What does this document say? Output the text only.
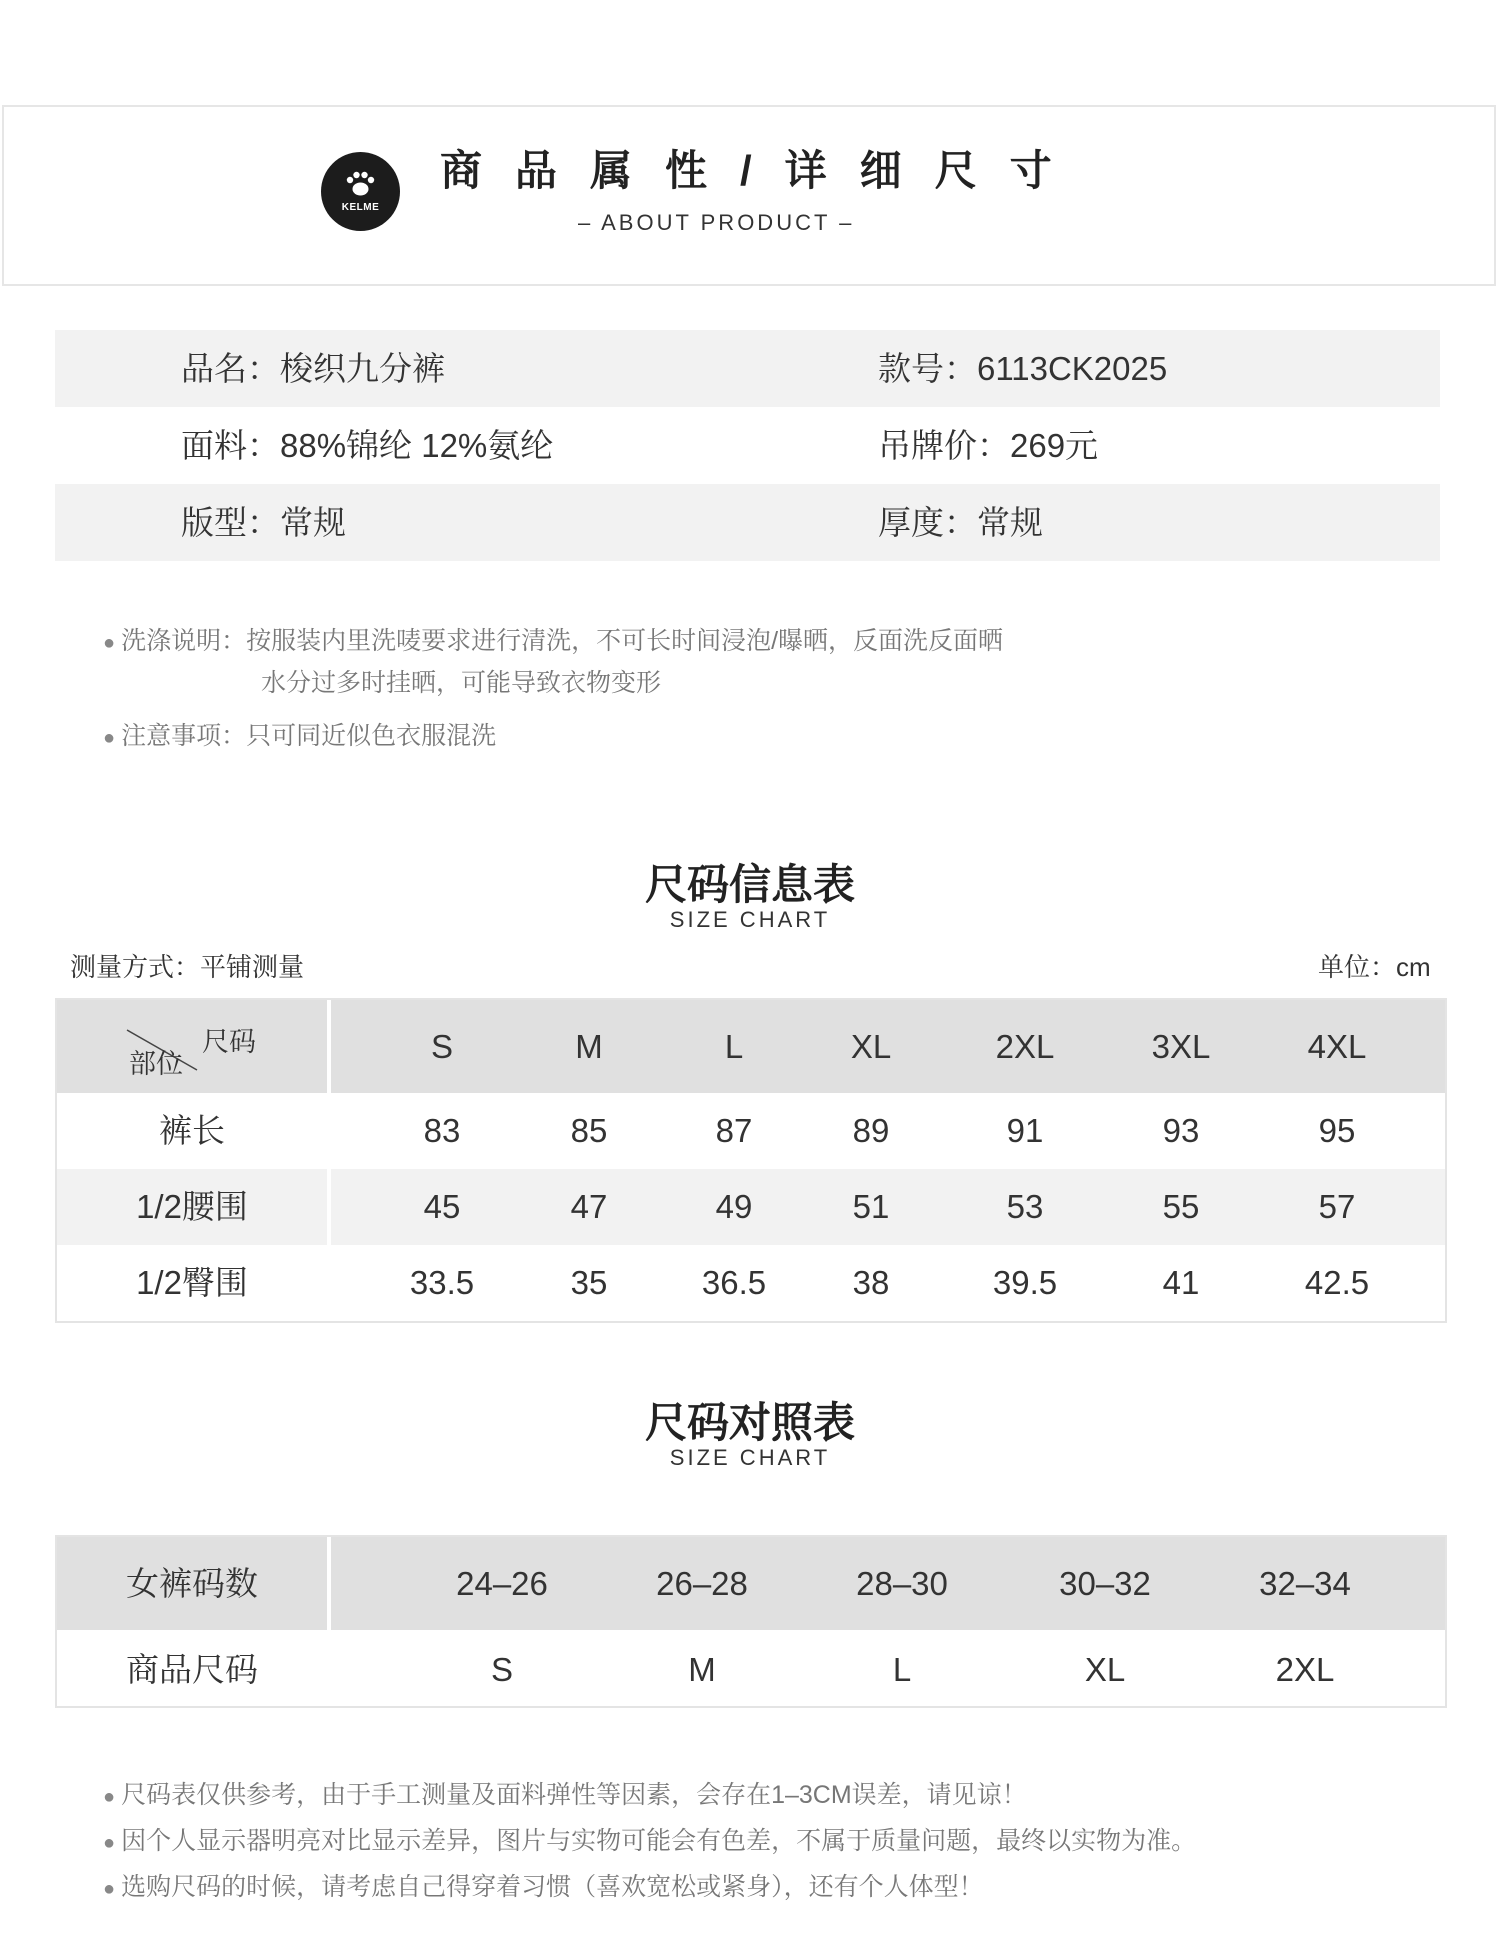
KELME
商品属性/详细尺寸
– ABOUT PRODUCT –
品名：梭织九分裤	款号：6113CK2025
面料：88%锦纶 12%氨纶	吊牌价：269元
版型：常规	厚度：常规
● 洗涤说明：按服装内里洗唛要求进行清洗，不可长时间浸泡/曝晒，反面洗反面晒
水分过多时挂晒，可能导致衣物变形
● 注意事项：只可同近似色衣服混洗
尺码信息表
SIZE CHART
测量方式：平铺测量	单位：cm
尺码
部位	S	M	L	XL	2XL	3XL	4XL
裤长	83	85	87	89	91	93	95
1/2腰围	45	47	49	51	53	55	57
1/2臀围	33.5	35	36.5	38	39.5	41	42.5
尺码对照表
SIZE CHART
女裤码数	24–26	26–28	28–30	30–32	32–34
商品尺码	S	M	L	XL	2XL
● 尺码表仅供参考，由于手工测量及面料弹性等因素，会存在1–3CM误差，请见谅！
● 因个人显示器明亮对比显示差异，图片与实物可能会有色差，不属于质量问题，最终以实物为准。
● 选购尺码的时候，请考虑自己得穿着习惯（喜欢宽松或紧身），还有个人体型！
